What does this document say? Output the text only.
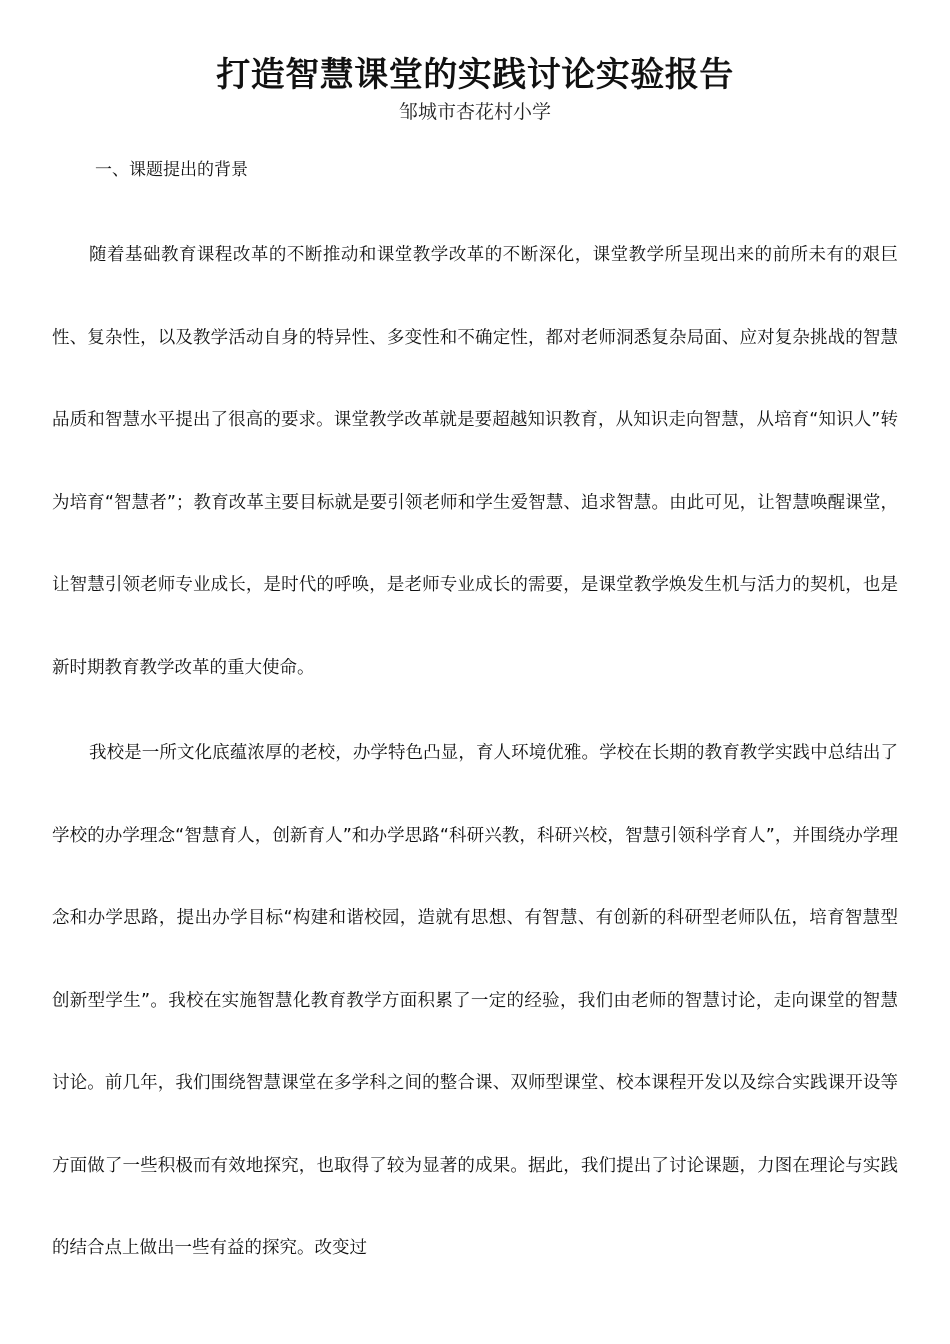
打造智慧课堂的实践讨论实验报告
邹城市杏花村小学
一、课题提出的背景

随着基础教育课程改革的不断推动和课堂教学改革的不断深化，课堂教学所呈现出来的前所未有的艰巨性、复杂性，以及教学活动自身的特异性、多变性和不确定性，都对老师洞悉复杂局面、应对复杂挑战的智慧品质和智慧水平提出了很高的要求。课堂教学改革就是要超越知识教育，从知识走向智慧，从培育“知识人”转为培育“智慧者”；教育改革主要目标就是要引领老师和学生爱智慧、追求智慧。由此可见，让智慧唤醒课堂，让智慧引领老师专业成长，是时代的呼唤，是老师专业成长的需要，是课堂教学焕发生机与活力的契机，也是新时期教育教学改革的重大使命。

我校是一所文化底蕴浓厚的老校，办学特色凸显，育人环境优雅。学校在长期的教育教学实践中总结出了学校的办学理念“智慧育人，创新育人”和办学思路“科研兴教，科研兴校，智慧引领科学育人”，并围绕办学理念和办学思路，提出办学目标“构建和谐校园，造就有思想、有智慧、有创新的科研型老师队伍，培育智慧型创新型学生”。我校在实施智慧化教育教学方面积累了一定的经验，我们由老师的智慧讨论，走向课堂的智慧讨论。前几年，我们围绕智慧课堂在多学科之间的整合课、双师型课堂、校本课程开发以及综合实践课开设等方面做了一些积极而有效地探究，也取得了较为显著的成果。据此，我们提出了讨论课题，力图在理论与实践的结合点上做出一些有益的探究。改变过
